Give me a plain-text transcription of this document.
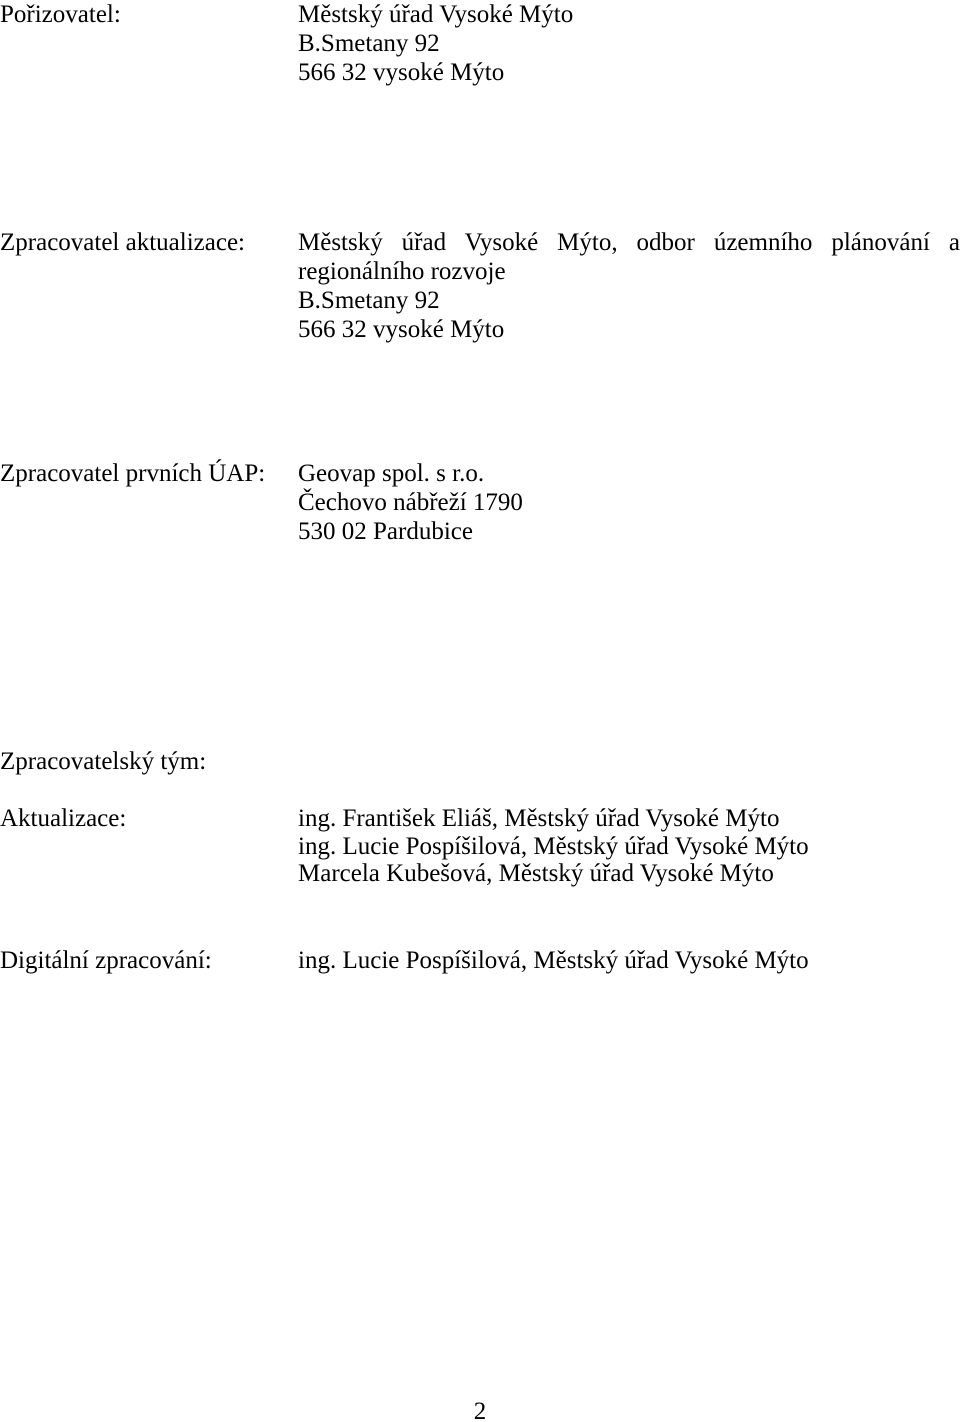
Pořizovatel:	Městský úřad Vysoké Mýto
B.Smetany 92
566 32 vysoké Mýto
Zpracovatel aktualizace: Městský úřad Vysoké Mýto, odbor územního plánování a
regionálního rozvoje
B.Smetany 92
566 32 vysoké Mýto
Zpracovatel prvních ÚAP: Geovap spol. s r.o.
Čechovo nábřeží 1790
530 02 Pardubice
Zpracovatelský tým:
Aktualizace:	ing. František Eliáš, Městský úřad Vysoké Mýto
ing. Lucie Pospíšilová, Městský úřad Vysoké Mýto
Marcela Kubešová, Městský úřad Vysoké Mýto
Digitální zpracování:	ing. Lucie Pospíšilová, Městský úřad Vysoké Mýto
2
